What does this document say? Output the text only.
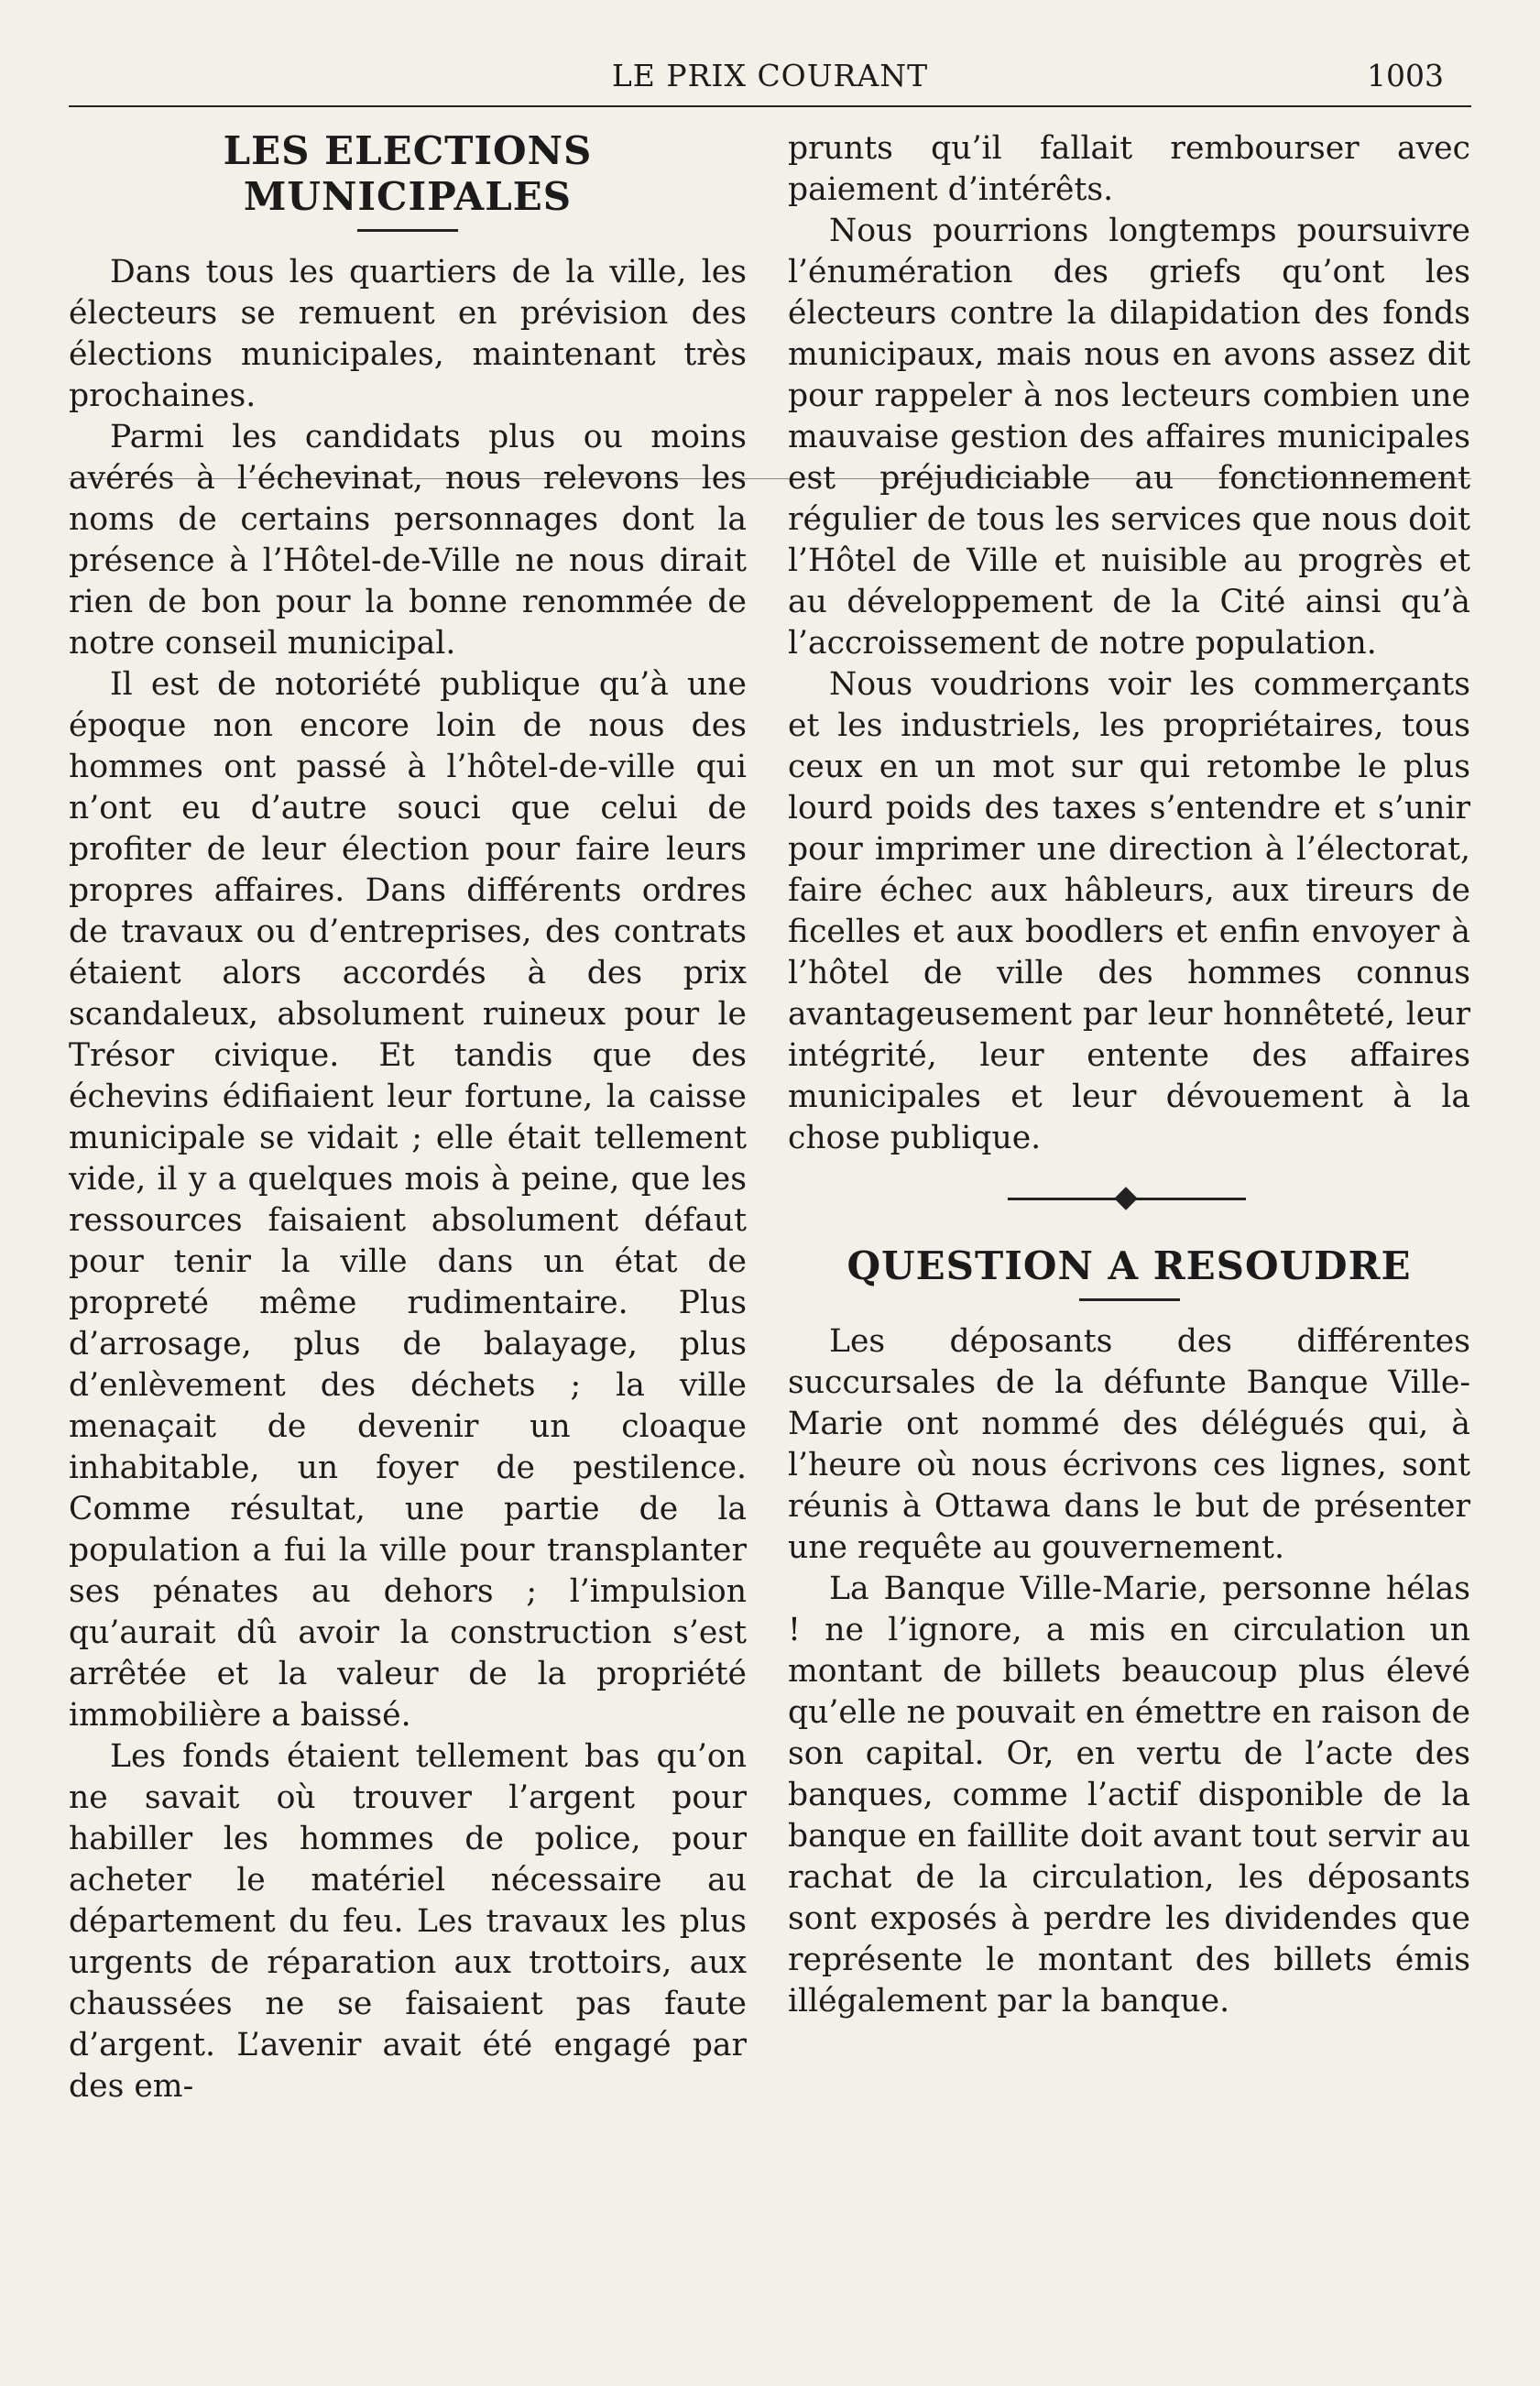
LE PRIX COURANT	1003
LES ELECTIONS MUNICIPALES

Dans tous les quartiers de la ville, les électeurs se remuent en prévision des élections municipales, maintenant très prochaines.

Parmi les candidats plus ou moins avérés à l’échevinat, nous relevons les noms de certains personnages dont la présence à l’Hôtel-de-Ville ne nous dirait rien de bon pour la bonne renommée de notre conseil municipal.

Il est de notoriété publique qu’à une époque non encore loin de nous des hommes ont passé à l’hôtel-de-ville qui n’ont eu d’autre souci que celui de profiter de leur élection pour faire leurs propres affaires. Dans différents ordres de travaux ou d’entreprises, des contrats étaient alors accordés à des prix scandaleux, absolument ruineux pour le Trésor civique. Et tandis que des échevins édifiaient leur fortune, la caisse municipale se vidait ; elle était tellement vide, il y a quelques mois à peine, que les ressources faisaient absolument défaut pour tenir la ville dans un état de propreté même rudimentaire. Plus d’arrosage, plus de balayage, plus d’enlèvement des déchets ; la ville menaçait de devenir un cloaque inhabitable, un foyer de pestilence. Comme résultat, une partie de la population a fui la ville pour transplanter ses pénates au dehors ; l’impulsion qu’aurait dû avoir la construction s’est arrêtée et la valeur de la propriété immobilière a baissé.

Les fonds étaient tellement bas qu’on ne savait où trouver l’argent pour habiller les hommes de police, pour acheter le matériel nécessaire au département du feu. Les travaux les plus urgents de réparation aux trottoirs, aux chaussées ne se faisaient pas faute d’argent. L’avenir avait été engagé par des em-

prunts qu’il fallait rembourser avec paiement d’intérêts.

Nous pourrions longtemps poursuivre l’énumération des griefs qu’ont les électeurs contre la dilapidation des fonds municipaux, mais nous en avons assez dit pour rappeler à nos lecteurs combien une mauvaise gestion des affaires municipales est préjudiciable au fonctionnement régulier de tous les services que nous doit l’Hôtel de Ville et nuisible au progrès et au développement de la Cité ainsi qu’à l’accroissement de notre population.

Nous voudrions voir les commerçants et les industriels, les propriétaires, tous ceux en un mot sur qui retombe le plus lourd poids des taxes s’entendre et s’unir pour imprimer une direction à l’électorat, faire échec aux hâbleurs, aux tireurs de ficelles et aux boodlers et enfin envoyer à l’hôtel de ville des hommes connus avantageusement par leur honnêteté, leur intégrité, leur entente des affaires municipales et leur dévouement à la chose publique.

QUESTION A RESOUDRE

Les déposants des différentes succursales de la défunte Banque Ville-Marie ont nommé des délégués qui, à l’heure où nous écrivons ces lignes, sont réunis à Ottawa dans le but de présenter une requête au gouvernement.

La Banque Ville-Marie, personne hélas ! ne l’ignore, a mis en circulation un montant de billets beaucoup plus élevé qu’elle ne pouvait en émettre en raison de son capital. Or, en vertu de l’acte des banques, comme l’actif disponible de la banque en faillite doit avant tout servir au rachat de la circulation, les déposants sont exposés à perdre les dividendes que représente le montant des billets émis illégalement par la banque.
